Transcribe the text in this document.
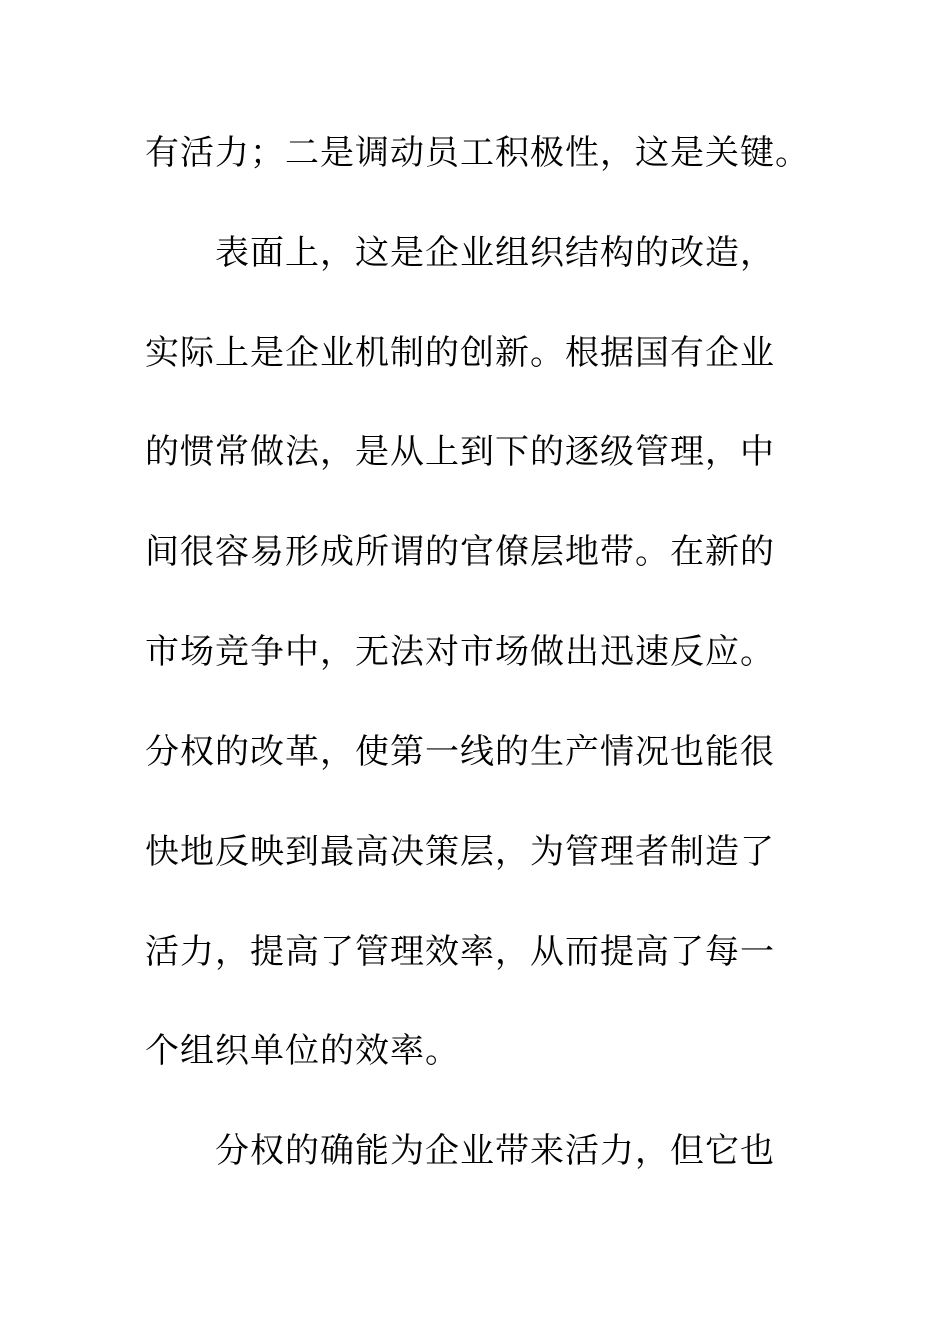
有活力；二是调动员工积极性，这是关键。

表面上，这是企业组织结构的改造，

实际上是企业机制的创新。根据国有企业

的惯常做法，是从上到下的逐级管理，中

间很容易形成所谓的官僚层地带。在新的

市场竞争中，无法对市场做出迅速反应。

分权的改革，使第一线的生产情况也能很

快地反映到最高决策层，为管理者制造了

活力，提高了管理效率，从而提高了每一

个组织单位的效率。

分权的确能为企业带来活力，但它也
